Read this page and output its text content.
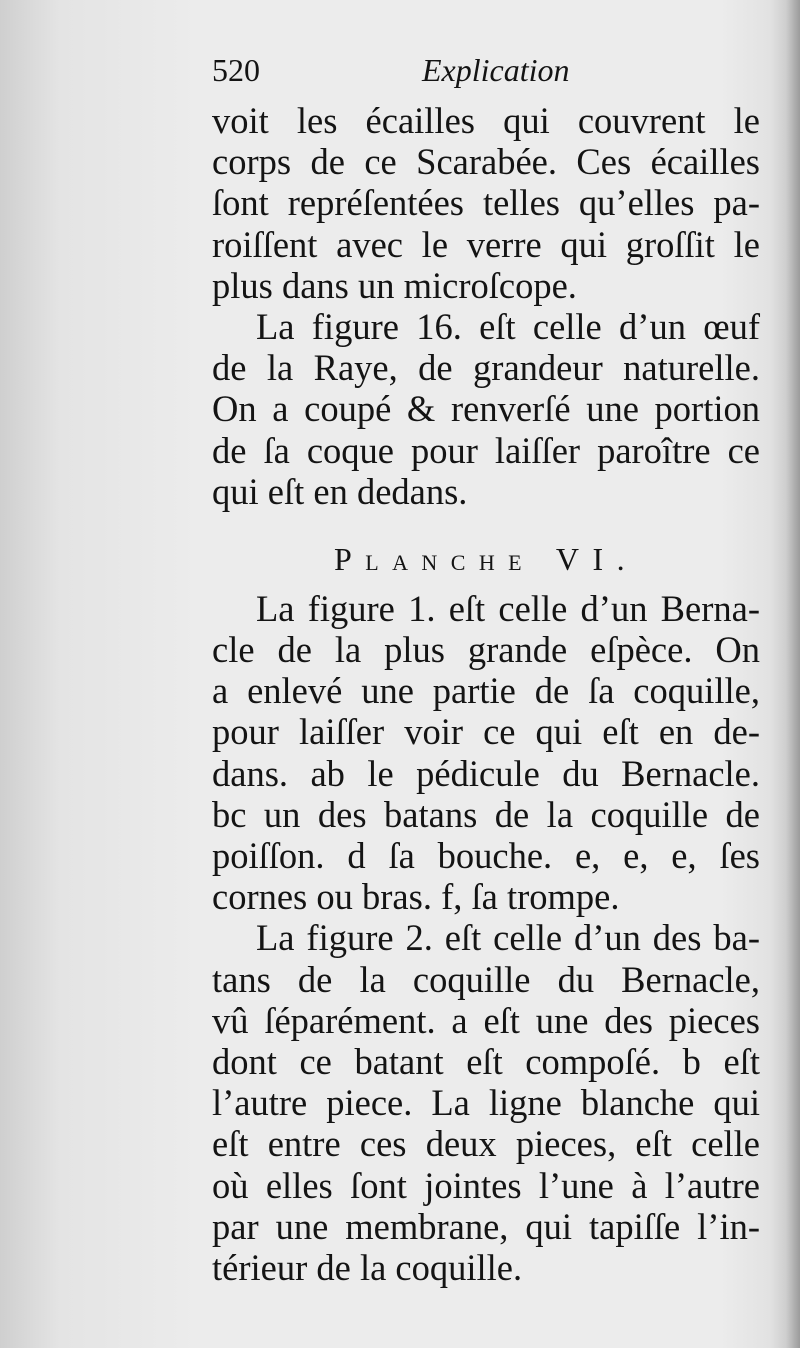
520	Explication
voit les écailles qui couvrent le
corps de ce Scarabée. Ces écailles
ſont repréſentées telles qu’elles pa-
roiſſent avec le verre qui groſſit le
plus dans un microſcope.
La figure 16. eſt celle d’un œuf
de la Raye, de grandeur naturelle.
On a coupé & renverſé une portion
de ſa coque pour laiſſer paroître ce
qui eſt en dedans.
Planche VI.
La figure 1. eſt celle d’un Berna-
cle de la plus grande eſpèce. On
a enlevé une partie de ſa coquille,
pour laiſſer voir ce qui eſt en de-
dans. ab le pédicule du Bernacle.
bc un des batans de la coquille de
poiſſon. d ſa bouche. e, e, e, ſes
cornes ou bras. f, ſa trompe.
La figure 2. eſt celle d’un des ba-
tans de la coquille du Bernacle,
vû ſéparément. a eſt une des pieces
dont ce batant eſt compoſé. b eſt
l’autre piece. La ligne blanche qui
eſt entre ces deux pieces, eſt celle
où elles ſont jointes l’une à l’autre
par une membrane, qui tapiſſe l’in-
térieur de la coquille.
